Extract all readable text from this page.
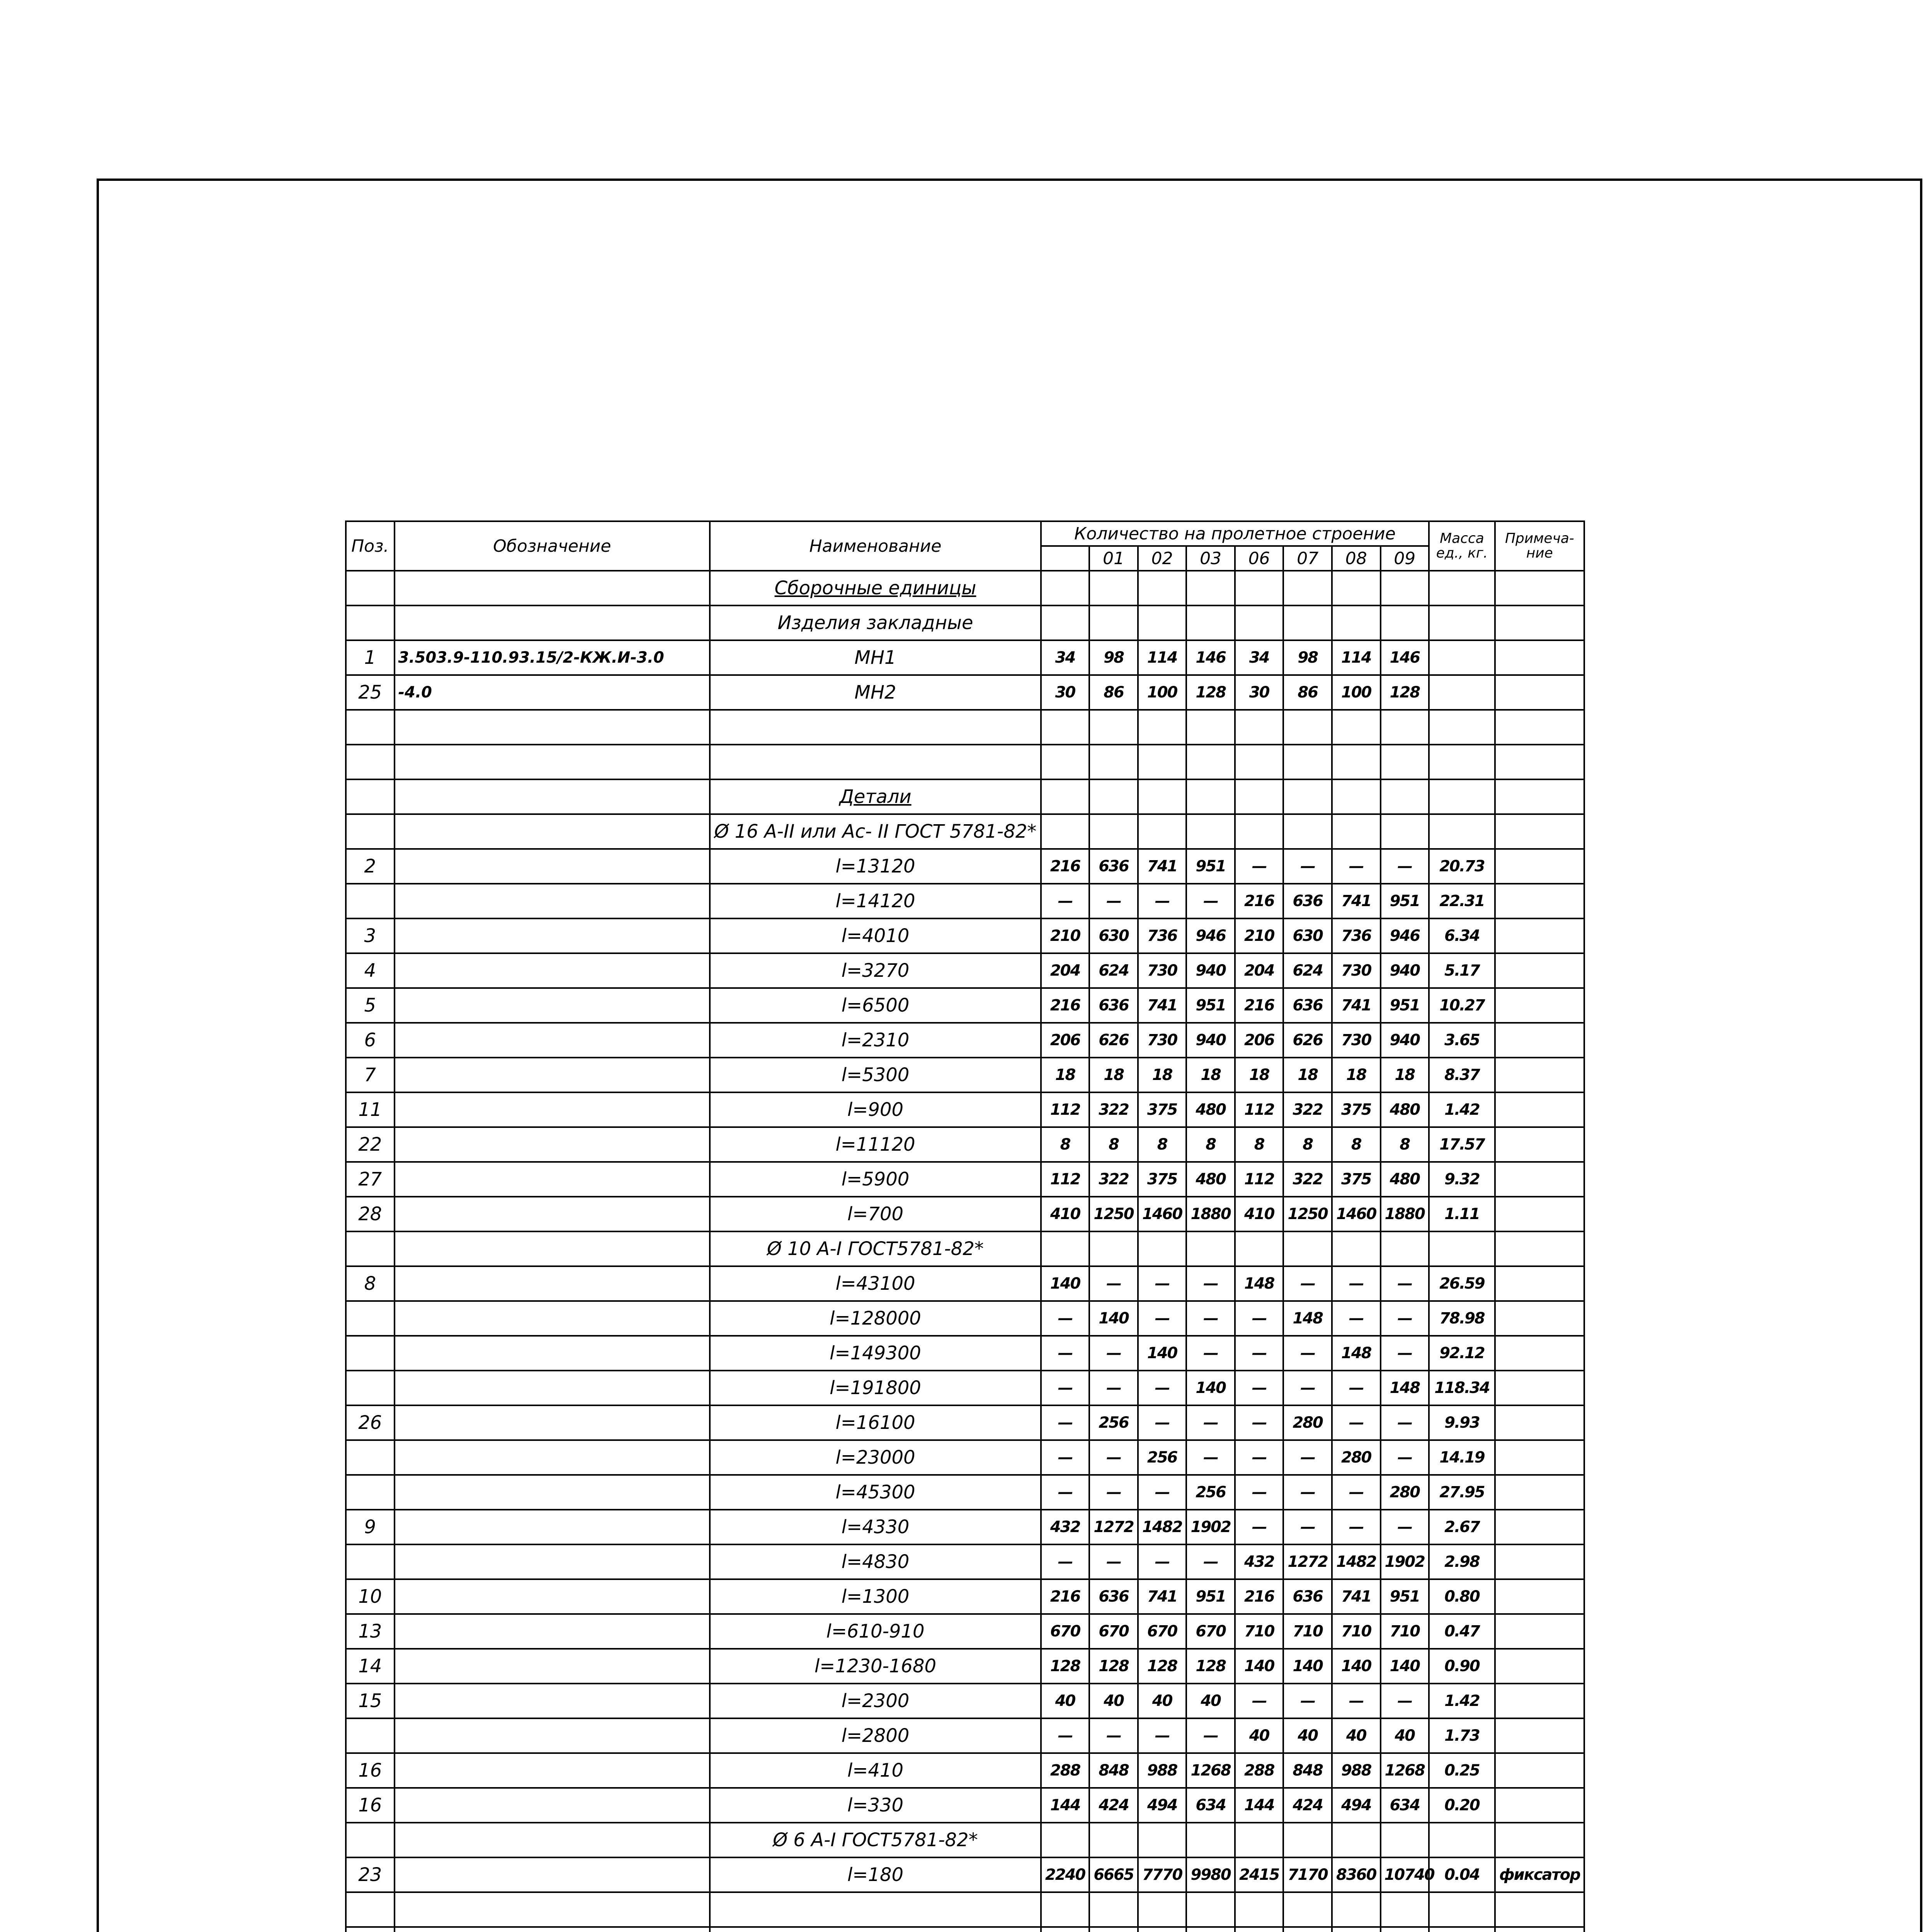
Поз.	Обозначение	Наименование	Количество на пролетное строение								Масса ед., кг.	Примеча- ние
				01	02	03	06	07	08	09		
		Сборочные единицы										
		Изделия закладные										
1	3.503.9-110.93.15/2-КЖ.И-3.0	МН1	34	98	114	146	34	98	114	146		
25	-4.0	МН2	30	86	100	128	30	86	100	128		

		Детали										
		Ø 16 А-II или Ас- II ГОСТ 5781-82*										
2		l=13120	216	636	741	951	—	—	—	—	20.73	
		l=14120	—	—	—	—	216	636	741	951	22.31	
3		l=4010	210	630	736	946	210	630	736	946	6.34	
4		l=3270	204	624	730	940	204	624	730	940	5.17	
5		l=6500	216	636	741	951	216	636	741	951	10.27	
6		l=2310	206	626	730	940	206	626	730	940	3.65	
7		l=5300	18	18	18	18	18	18	18	18	8.37	
11		l=900	112	322	375	480	112	322	375	480	1.42	
22		l=11120	8	8	8	8	8	8	8	8	17.57	
27		l=5900	112	322	375	480	112	322	375	480	9.32	
28		l=700	410	1250	1460	1880	410	1250	1460	1880	1.11	
		Ø 10 А-I ГОСТ5781-82*										
8		l=43100	140	—	—	—	148	—	—	—	26.59	
		l=128000	—	140	—	—	—	148	—	—	78.98	
		l=149300	—	—	140	—	—	—	148	—	92.12	
		l=191800	—	—	—	140	—	—	—	148	118.34	
26		l=16100	—	256	—	—	—	280	—	—	9.93	
		l=23000	—	—	256	—	—	—	280	—	14.19	
		l=45300	—	—	—	256	—	—	—	280	27.95	
9		l=4330	432	1272	1482	1902	—	—	—	—	2.67	
		l=4830	—	—	—	—	432	1272	1482	1902	2.98	
10		l=1300	216	636	741	951	216	636	741	951	0.80	
13		l=610-910	670	670	670	670	710	710	710	710	0.47	
14		l=1230-1680	128	128	128	128	140	140	140	140	0.90	
15		l=2300	40	40	40	40	—	—	—	—	1.42	
		l=2800	—	—	—	—	40	40	40	40	1.73	
16		l=410	288	848	988	1268	288	848	988	1268	0.25	
16		l=330	144	424	494	634	144	424	494	634	0.20	
		Ø 6 А-I ГОСТ5781-82*										
23		l=180	2240	6665	7770	9980	2415	7170	8360	10740	0.04	фиксатор
